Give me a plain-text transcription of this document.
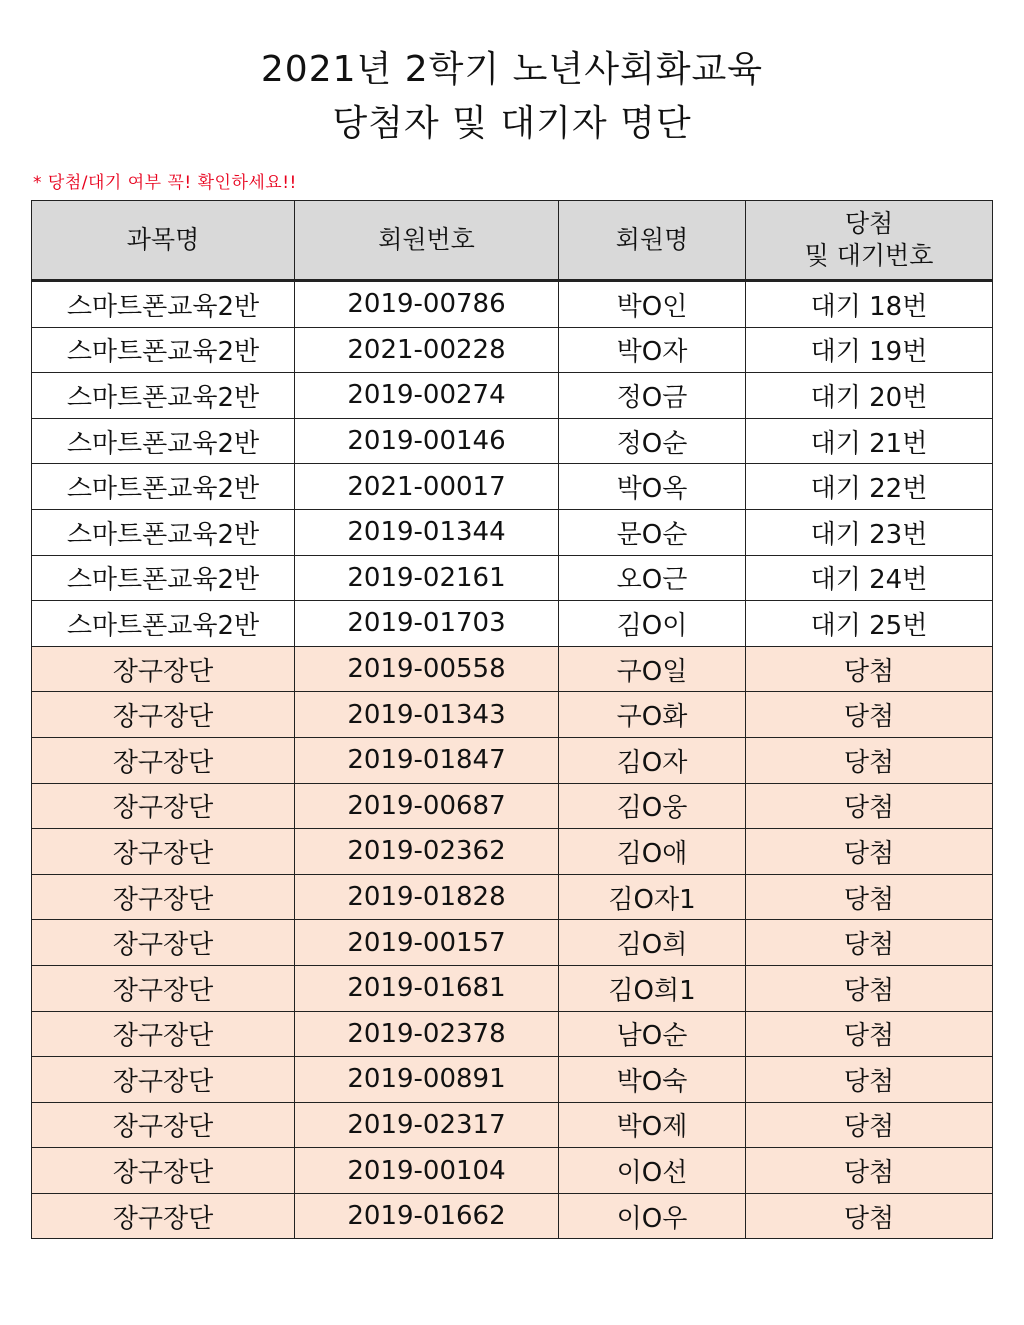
2021년 2학기 노년사회화교육
당첨자 및 대기자 명단
* 당첨/대기 여부 꼭! 확인하세요!!
과목명	회원번호	회원명	당첨
및 대기번호

스마트폰교육2반	2019-00786	박O인	대기 18번
스마트폰교육2반	2021-00228	박O자	대기 19번
스마트폰교육2반	2019-00274	정O금	대기 20번
스마트폰교육2반	2019-00146	정O순	대기 21번
스마트폰교육2반	2021-00017	박O옥	대기 22번
스마트폰교육2반	2019-01344	문O순	대기 23번
스마트폰교육2반	2019-02161	오O근	대기 24번
스마트폰교육2반	2019-01703	김O이	대기 25번
장구장단	2019-00558	구O일	당첨
장구장단	2019-01343	구O화	당첨
장구장단	2019-01847	김O자	당첨
장구장단	2019-00687	김O웅	당첨
장구장단	2019-02362	김O애	당첨
장구장단	2019-01828	김O자1	당첨
장구장단	2019-00157	김O희	당첨
장구장단	2019-01681	김O희1	당첨
장구장단	2019-02378	남O순	당첨
장구장단	2019-00891	박O숙	당첨
장구장단	2019-02317	박O제	당첨
장구장단	2019-00104	이O선	당첨
장구장단	2019-01662	이O우	당첨
